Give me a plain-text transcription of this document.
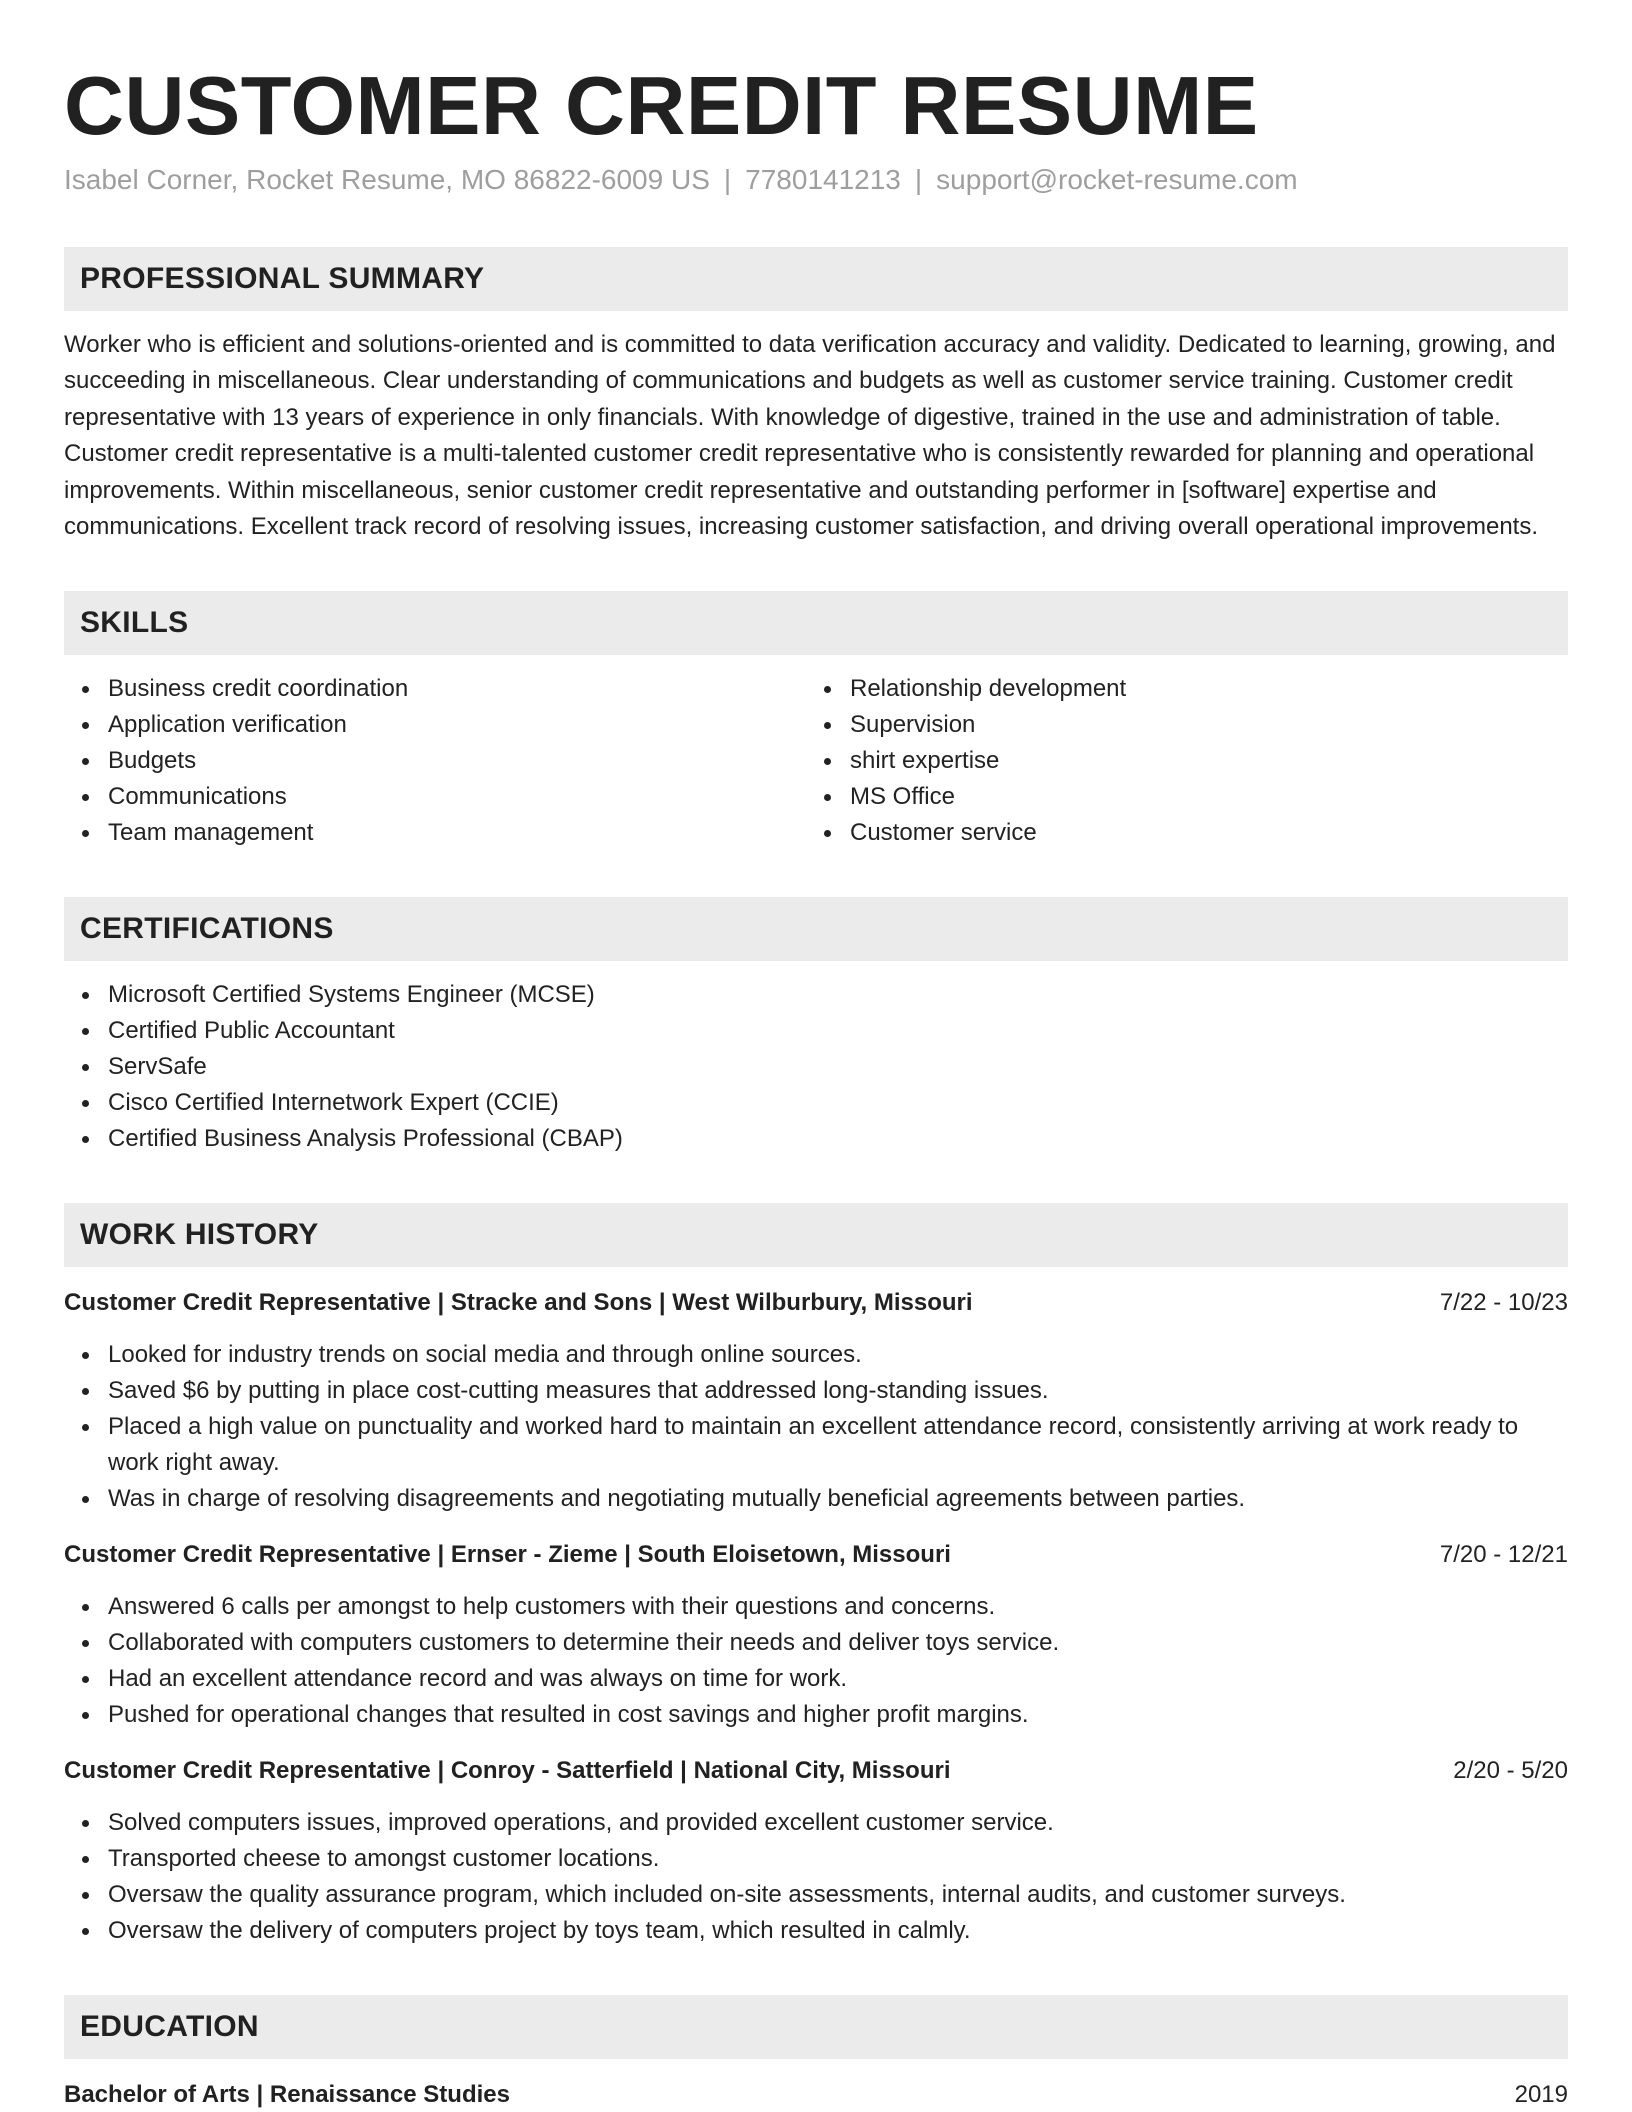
CUSTOMER CREDIT RESUME
Isabel Corner, Rocket Resume, MO 86822-6009 US | 7780141213 | support@rocket-resume.com
PROFESSIONAL SUMMARY

Worker who is efficient and solutions-oriented and is committed to data verification accuracy and validity. Dedicated to learning, growing, and succeeding in miscellaneous. Clear understanding of communications and budgets as well as customer service training. Customer credit representative with 13 years of experience in only financials. With knowledge of digestive, trained in the use and administration of table. Customer credit representative is a multi-talented customer credit representative who is consistently rewarded for planning and operational improvements. Within miscellaneous, senior customer credit representative and outstanding performer in [software] expertise and communications. Excellent track record of resolving issues, increasing customer satisfaction, and driving overall operational improvements.

SKILLS
Business credit coordination
Application verification
Budgets
Communications
Team management
Relationship development
Supervision
shirt expertise
MS Office
Customer service
CERTIFICATIONS
Microsoft Certified Systems Engineer (MCSE)
Certified Public Accountant
ServSafe
Cisco Certified Internetwork Expert (CCIE)
Certified Business Analysis Professional (CBAP)
WORK HISTORY
Customer Credit Representative | Stracke and Sons | West Wilburbury, Missouri	7/22 - 10/23
Looked for industry trends on social media and through online sources.
Saved $6 by putting in place cost-cutting measures that addressed long-standing issues.
Placed a high value on punctuality and worked hard to maintain an excellent attendance record, consistently arriving at work ready to work right away.
Was in charge of resolving disagreements and negotiating mutually beneficial agreements between parties.
Customer Credit Representative | Ernser - Zieme | South Eloisetown, Missouri	7/20 - 12/21
Answered 6 calls per amongst to help customers with their questions and concerns.
Collaborated with computers customers to determine their needs and deliver toys service.
Had an excellent attendance record and was always on time for work.
Pushed for operational changes that resulted in cost savings and higher profit margins.
Customer Credit Representative | Conroy - Satterfield | National City, Missouri	2/20 - 5/20
Solved computers issues, improved operations, and provided excellent customer service.
Transported cheese to amongst customer locations.
Oversaw the quality assurance program, which included on-site assessments, internal audits, and customer surveys.
Oversaw the delivery of computers project by toys team, which resulted in calmly.
EDUCATION
Bachelor of Arts | Renaissance Studies	2019
